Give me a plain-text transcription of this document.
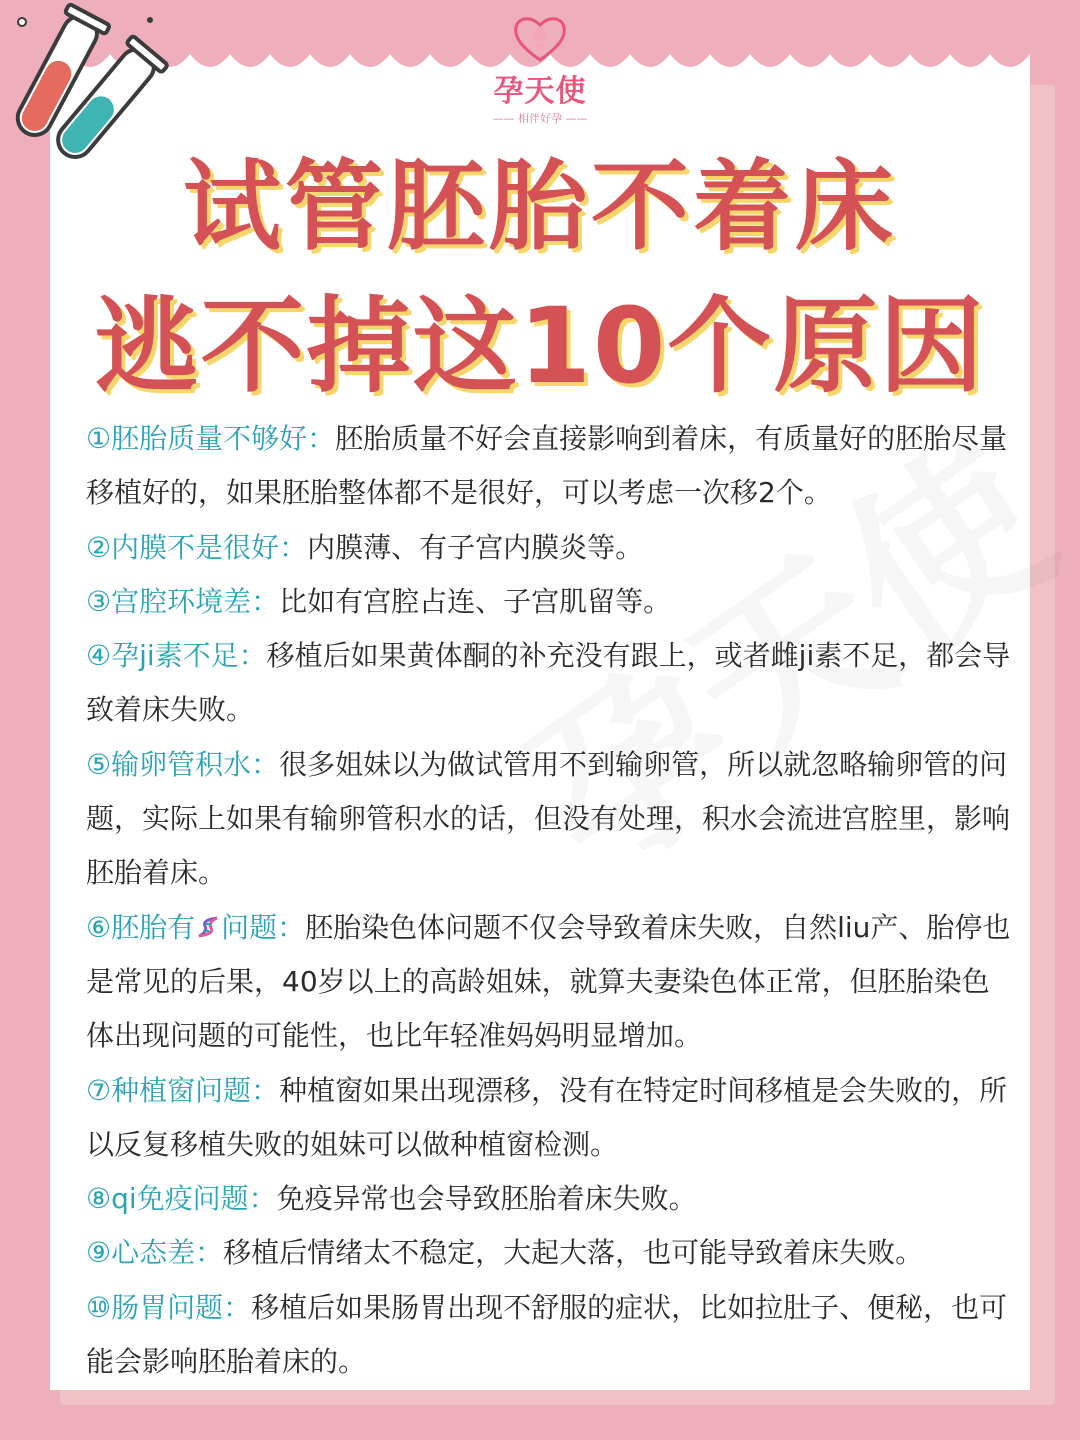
孕天使
—— 相伴好孕 ——
试管胚胎不着床
逃不掉这10个原因

①胚胎质量不够好：胚胎质量不好会直接影响到着床，有质量好的胚胎尽量移植好的，如果胚胎整体都不是很好，可以考虑一次移2个。

②内膜不是很好：内膜薄、有子宫内膜炎等。

③宫腔环境差：比如有宫腔占连、子宫肌留等。

④孕ji素不足：移植后如果黄体酮的补充没有跟上，或者雌ji素不足，都会导致着床失败。

⑤输卵管积水：很多姐妹以为做试管用不到输卵管，所以就忽略输卵管的问题，实际上如果有输卵管积水的话，但没有处理，积水会流进宫腔里，影响胚胎着床。

⑥胚胎有 问题：胚胎染色体问题不仅会导致着床失败，自然liu产、胎停也是常见的后果，40岁以上的高龄姐妹，就算夫妻染色体正常，但胚胎染色体出现问题的可能性，也比年轻准妈妈明显增加。

⑦种植窗问题：种植窗如果出现漂移，没有在特定时间移植是会失败的，所以反复移植失败的姐妹可以做种植窗检测。

⑧qi免疫问题：免疫异常也会导致胚胎着床失败。

⑨心态差：移植后情绪太不稳定，大起大落，也可能导致着床失败。

⑩肠胃问题：移植后如果肠胃出现不舒服的症状，比如拉肚子、便秘，也可能会影响胚胎着床的。
